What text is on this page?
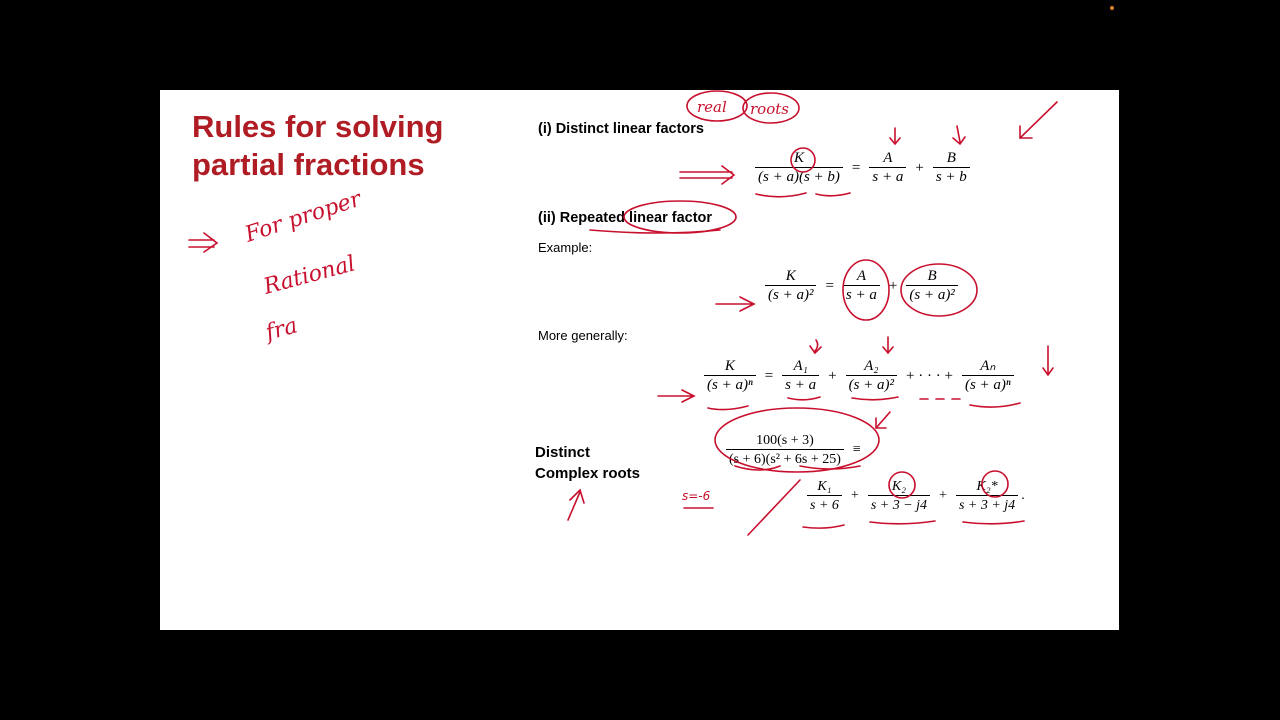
Rules for solving
partial fractions
(i) Distinct linear factors
$\frac{K}{(s + a)(s + b)} = \frac{A}{s + a} + \frac{B}{s + b}$
(ii) Repeated linear factor
Example:
$\frac{K}{\text{(s + a)²}} = \frac{A}{s + a} + \frac{B}{\text{(s + a)²}}$
More generally:
$\frac{K}{\text{(s + a)ⁿ}} = \frac{\text{A₁}}{s + a} + \frac{\text{A₂}}{\text{(s + a)²}}$ + · · · + $\frac{\text{Aₙ}}{\text{(s + a)ⁿ}}$
Distinct
Complex roots
$\frac{100(s + 3)}{\text{(s + 6)(s² + 6s + 25)}}$ ≡
$\frac{\text{K₁}}{s + 6} + \frac{\text{K₂}}{s + 3 - j4} + \frac{\text{K₂*}}{s + 3 + j4}$ .
real roots
s=-6
For proper
Rational
fra
